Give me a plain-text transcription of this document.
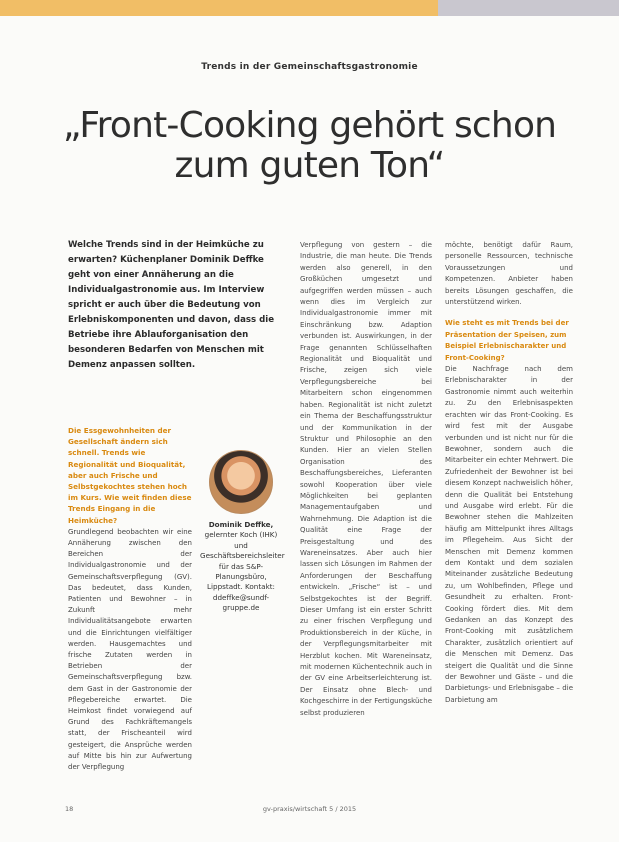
Trends in der Gemeinschaftsgastronomie
„Front-Cooking gehört schon zum guten Ton“

Welche Trends sind in der Heimküche zu erwarten? Küchenplaner Dominik Deffke geht von einer Annäherung an die Individualgastronomie aus. Im Interview spricht er auch über die Bedeutung von Erlebniskomponenten und davon, dass die Betriebe ihre Ablauforganisation den besonderen Bedarfen von Menschen mit Demenz anpassen sollten.

Die Essgewohnheiten der Gesellschaft ändern sich schnell. Trends wie Regionalität und Bioqualität, aber auch Frische und Selbstgekochtes stehen hoch im Kurs. Wie weit finden diese Trends Eingang in die Heimküche?

Grundlegend beobachten wir eine Annäherung zwischen den Bereichen der Individualgastronomie und der Gemeinschaftsverpflegung (GV). Das bedeutet, dass Kunden, Patienten und Bewohner – in Zukunft mehr Individualitätsangebote erwarten und die Einrichtungen vielfältiger werden. Hausgemachtes und frische Zutaten werden in Betrieben der Gemeinschaftsverpflegung bzw. dem Gast in der Gastronomie der Pflegebereiche erwartet. Die Heimkost findet vorwiegend auf Grund des Fachkräftemangels statt, der Frischeanteil wird gesteigert, die Ansprüche werden auf Mitte bis hin zur Aufwertung der Verpflegung

Dominik Deffke,
gelernter Koch (IHK) und Geschäftsbereichsleiter für das S&P-Planungsbüro, Lippstadt. Kontakt:
ddeffke@sundf-gruppe.de

Verpflegung von gestern – die Industrie, die man heute. Die Trends werden also generell, in den Großküchen umgesetzt und aufgegriffen werden müssen – auch wenn dies im Vergleich zur Individualgastronomie immer mit Einschränkung bzw. Adaption verbunden ist. Auswirkungen, in der Frage genannten Schlüsselhaften Regionalität und Bioqualität und Frische, zeigen sich viele Verpflegungsbereiche bei Mitarbeitern schon eingenommen haben. Regionalität ist nicht zuletzt ein Thema der Beschaffungsstruktur und der Kommunikation in der Struktur und Philosophie an den Kunden. Hier an vielen Stellen Organisation des Beschaffungsbereiches, Lieferanten sowohl Kooperation über viele Möglichkeiten bei geplanten Managementaufgaben und Wahrnehmung. Die Adaption ist die Qualität eine Frage der Preisgestaltung und des Wareneinsatzes. Aber auch hier lassen sich Lösungen im Rahmen der Anforderungen der Beschaffung entwickeln. „Frische“ ist – und Selbstgekochtes ist der Begriff. Dieser Umfang ist ein erster Schritt zu einer frischen Verpflegung und Produktionsbereich in der Küche, in der Verpflegungsmitarbeiter mit Herzblut kochen. Mit Wareneinsatz, mit modernen Küchentechnik auch in der GV eine Arbeitserleichterung ist. Der Einsatz ohne Blech- und Kochgeschirre in der Fertigungsküche selbst produzieren

möchte, benötigt dafür Raum, personelle Ressourcen, technische Voraussetzungen und Kompetenzen. Anbieter haben bereits Lösungen geschaffen, die unterstützend wirken.

Wie steht es mit Trends bei der Präsentation der Speisen, zum Beispiel Erlebnischarakter und Front-Cooking?

Die Nachfrage nach dem Erlebnischarakter in der Gastronomie nimmt auch weiterhin zu. Zu den Erlebnisaspekten erachten wir das Front-Cooking. Es wird fest mit der Ausgabe verbunden und ist nicht nur für die Bewohner, sondern auch die Mitarbeiter ein echter Mehrwert. Die Zufriedenheit der Bewohner ist bei diesem Konzept nachweislich höher, denn die Qualität bei Entstehung und Ausgabe wird erlebt. Für die Bewohner stehen die Mahlzeiten häufig am Mittelpunkt ihres Alltags im Pflegeheim. Aus Sicht der Menschen mit Demenz kommen dem Kontakt und dem sozialen Miteinander zusätzliche Bedeutung zu, um Wohlbefinden, Pflege und Gesundheit zu erhalten. Front-Cooking fördert dies. Mit dem Gedanken an das Konzept des Front-Cooking mit zusätzlichem Charakter, zusätzlich orientiert auf die Menschen mit Demenz. Das steigert die Qualität und die Sinne der Bewohner und Gäste – und die Darbietungs- und Erlebnisgabe – die Darbietung am

18	gv-praxis/wirtschaft 5 / 2015
